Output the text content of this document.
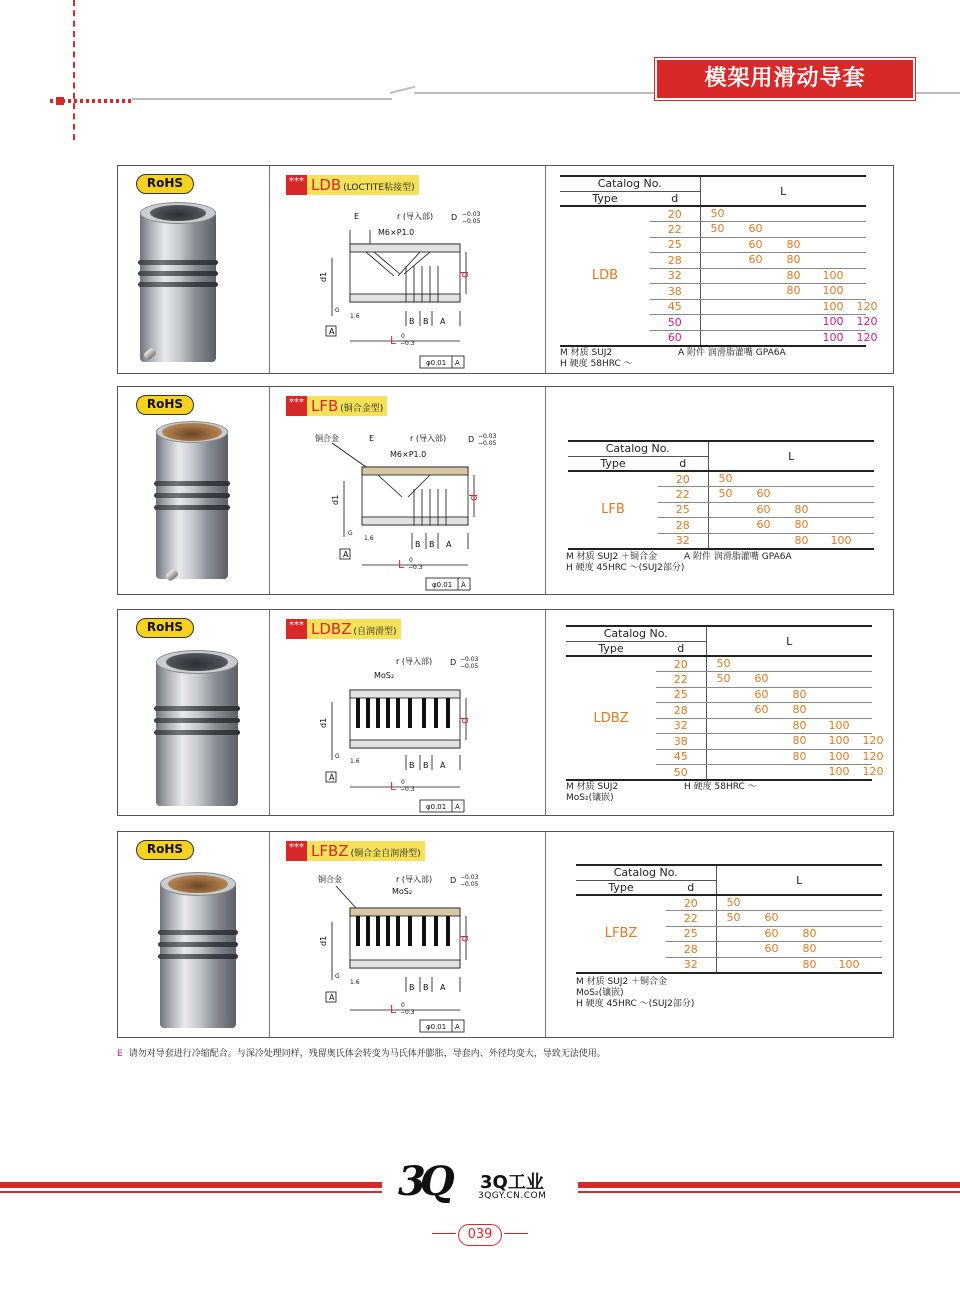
模架用滑动导套
RoHS	*** LDB (LOCTITE粘接型)
E	r (导入部) D −0.03
−0.05
M6×P1.0
d1	d
B B A
A
G
1.6
L 0
−0.3
φ0.01 A
Catalog No.		L
Type	d	
LDB	20	50

	22	50 60

	25	60 80

	28	60 80

	32	80 100

	38	80 100

	45	100 120

	50	100 120

	60	100 120
M 材质 SUJ2	A 附件 润滑脂灌嘴 GPA6A
H 硬度 58HRC ～
RoHS	*** LFB (铜合金型)
铜合金	E	r (导入部)	D −0.03
−0.05
M6×P1.0
d1	d
B B A
A
G
1.6
L 0
−0.3
φ0.01 A
Catalog No.		L
Type	d	
LFB	20	50

	22	50 60

	25	60 80

	28	60 80

	32	80 100
M 材质 SUJ2 ＋铜合金	A 附件 润滑脂灌嘴 GPA6A
H 硬度 45HRC ～(SUJ2部分)
RoHS	*** LDBZ (自润滑型)
r (导入部) D −0.03
−0.05
MoS₂
d1	d
B B A
A
G
1.6
L 0
−0.3
φ0.01 A
Catalog No.		L
Type	d	
LDBZ	20	50

	22	50 60

	25	60 80

	28	60 80

	32	80 100

	38	80 100 120

	45	80 100 120

	50	100 120
M 材质 SUJ2	H 硬度 58HRC ～
MoS₂(镶嵌)
RoHS	*** LFBZ (铜合金自润滑型)
铜合金	r (导入部) D −0.03
−0.05
MoS₂
d1	d
B B A
A
G
1.6
L 0
−0.3
φ0.01 A
Catalog No.		L
Type	d	
LFBZ	20	50

	22	50 60

	25	60 80

	28	60 80

	32	80 100
M 材质 SUJ2 ＋铜合金
MoS₂(镶嵌)
H 硬度 45HRC ～(SUJ2部分)
E 请勿对导套进行冷缩配合。与深冷处理同样，残留奥氏体会转变为马氏体并膨胀，导套内、外径均变大，导致无法使用。
3Q 3Q工业
3QGY.CN.COM
039
